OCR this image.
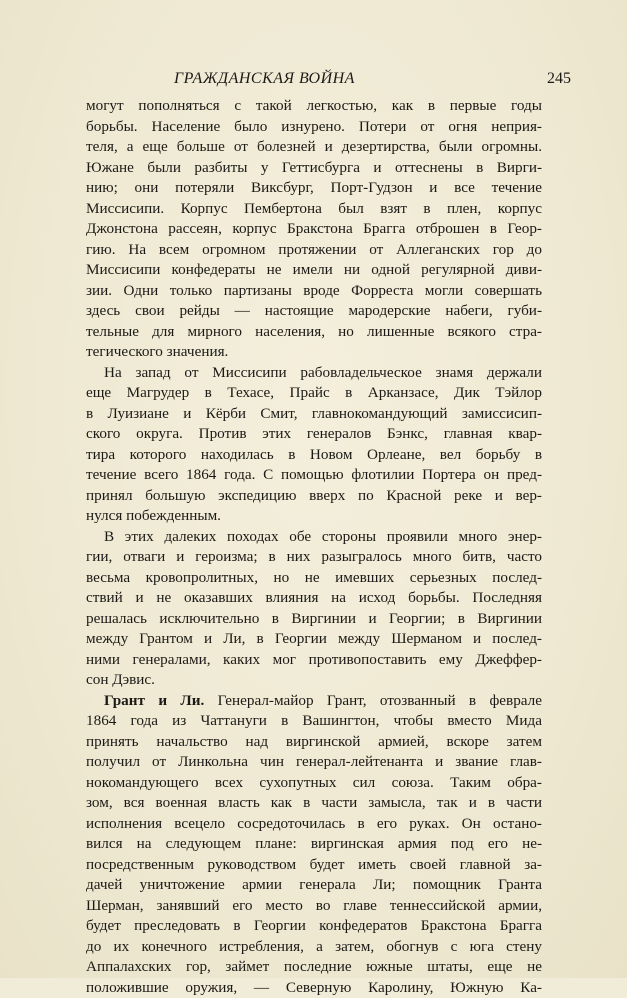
ГРАЖДАНСКАЯ ВОЙНА	245
могут пополняться с такой легкостью, как в первые годы
борьбы. Население было изнурено. Потери от огня неприя-
теля, а еще больше от болезней и дезертирства, были огромны.
Южане были разбиты у Геттисбурга и оттеснены в Вирги-
нию; они потеряли Виксбург, Порт-Гудзон и все течение
Миссисипи. Корпус Пембертона был взят в плен, корпус
Джонстона рассеян, корпус Бракстона Брагга отброшен в Геор-
гию. На всем огромном протяжении от Аллеганских гор до
Миссисипи конфедераты не имели ни одной регулярной диви-
зии. Одни только партизаны вроде Форреста могли совершать
здесь свои рейды — настоящие мародерские набеги, губи-
тельные для мирного населения, но лишенные всякого стра-
тегического значения.
На запад от Миссисипи рабовладельческое знамя держали
еще Магрудер в Техасе, Прайс в Арканзасе, Дик Тэйлор
в Луизиане и Кёрби Смит, главнокомандующий замиссисип-
ского округа. Против этих генералов Бэнкс, главная квар-
тира которого находилась в Новом Орлеане, вел борьбу в
течение всего 1864 года. С помощью флотилии Портера он пред-
принял большую экспедицию вверх по Красной реке и вер-
нулся побежденным.
В этих далеких походах обе стороны проявили много энер-
гии, отваги и героизма; в них разыгралось много битв, часто
весьма кровопролитных, но не имевших серьезных послед-
ствий и не оказавших влияния на исход борьбы. Последняя
решалась исключительно в Виргинии и Георгии; в Виргинии
между Грантом и Ли, в Георгии между Шерманом и послед-
ними генералами, каких мог противопоставить ему Джеффер-
сон Дэвис.
Грант и Ли. Генерал-майор Грант, отозванный в феврале
1864 года из Чаттануги в Вашингтон, чтобы вместо Мида
принять начальство над виргинской армией, вскоре затем
получил от Линкольна чин генерал-лейтенанта и звание глав-
нокомандующего всех сухопутных сил союза. Таким обра-
зом, вся военная власть как в части замысла, так и в части
исполнения всецело сосредоточилась в его руках. Он остано-
вился на следующем плане: виргинская армия под его не-
посредственным руководством будет иметь своей главной за-
дачей уничтожение армии генерала Ли; помощник Гранта
Шерман, занявший его место во главе теннессийской армии,
будет преследовать в Георгии конфедератов Бракстона Брагга
до их конечного истребления, а затем, обогнув с юга стену
Аппалахских гор, займет последние южные штаты, еще не
положившие оружия, — Северную Каролину, Южную Ка-
